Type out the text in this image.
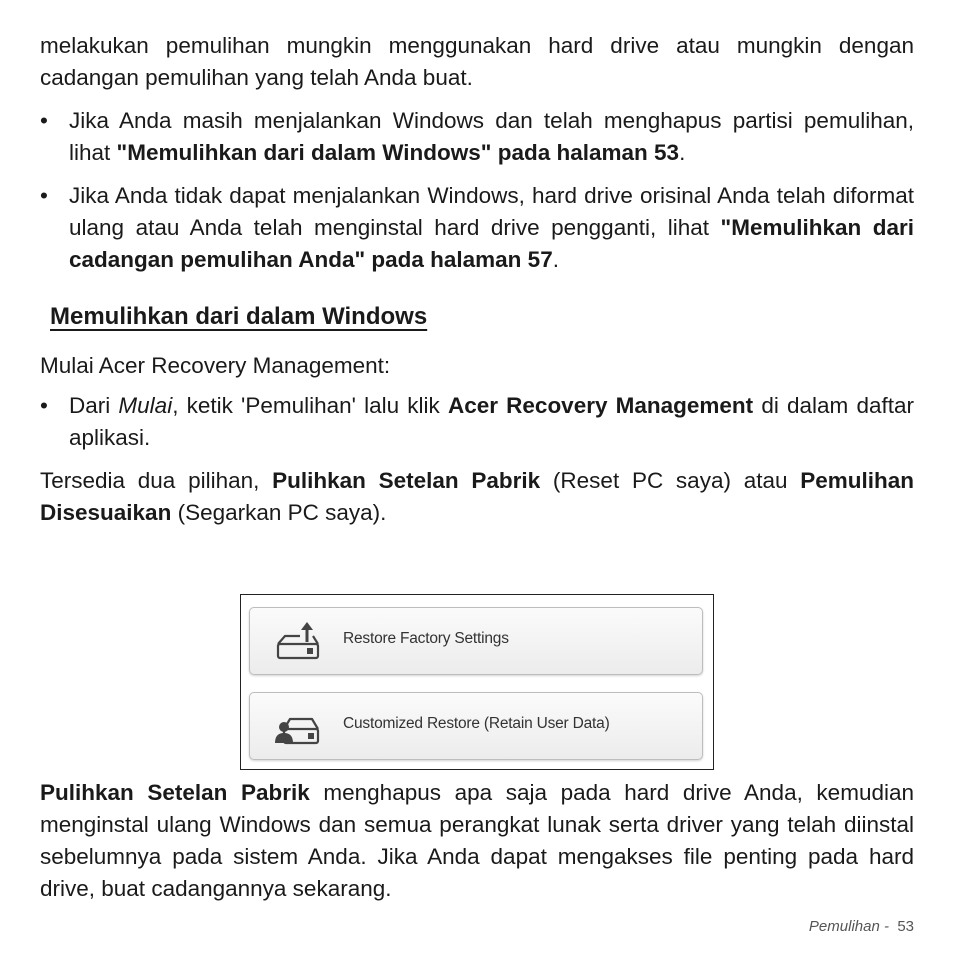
melakukan pemulihan mungkin menggunakan hard drive atau mungkin dengan cadangan pemulihan yang telah Anda buat.

• Jika Anda masih menjalankan Windows dan telah menghapus partisi pemulihan, lihat "Memulihkan dari dalam Windows" pada halaman 53.
• Jika Anda tidak dapat menjalankan Windows, hard drive orisinal Anda telah diformat ulang atau Anda telah menginstal hard drive pengganti, lihat "Memulihkan dari cadangan pemulihan Anda" pada halaman 57.
Memulihkan dari dalam Windows

Mulai Acer Recovery Management:

• Dari Mulai, ketik 'Pemulihan' lalu klik Acer Recovery Management di dalam daftar aplikasi.

Tersedia dua pilihan, Pulihkan Setelan Pabrik (Reset PC saya) atau Pemulihan Disesuaikan (Segarkan PC saya).

Restore Factory Settings
Customized Restore (Retain User Data)

Pulihkan Setelan Pabrik menghapus apa saja pada hard drive Anda, kemudian menginstal ulang Windows dan semua perangkat lunak serta driver yang telah diinstal sebelumnya pada sistem Anda. Jika Anda dapat mengakses file penting pada hard drive, buat cadangannya sekarang.

Pemulihan - 53
